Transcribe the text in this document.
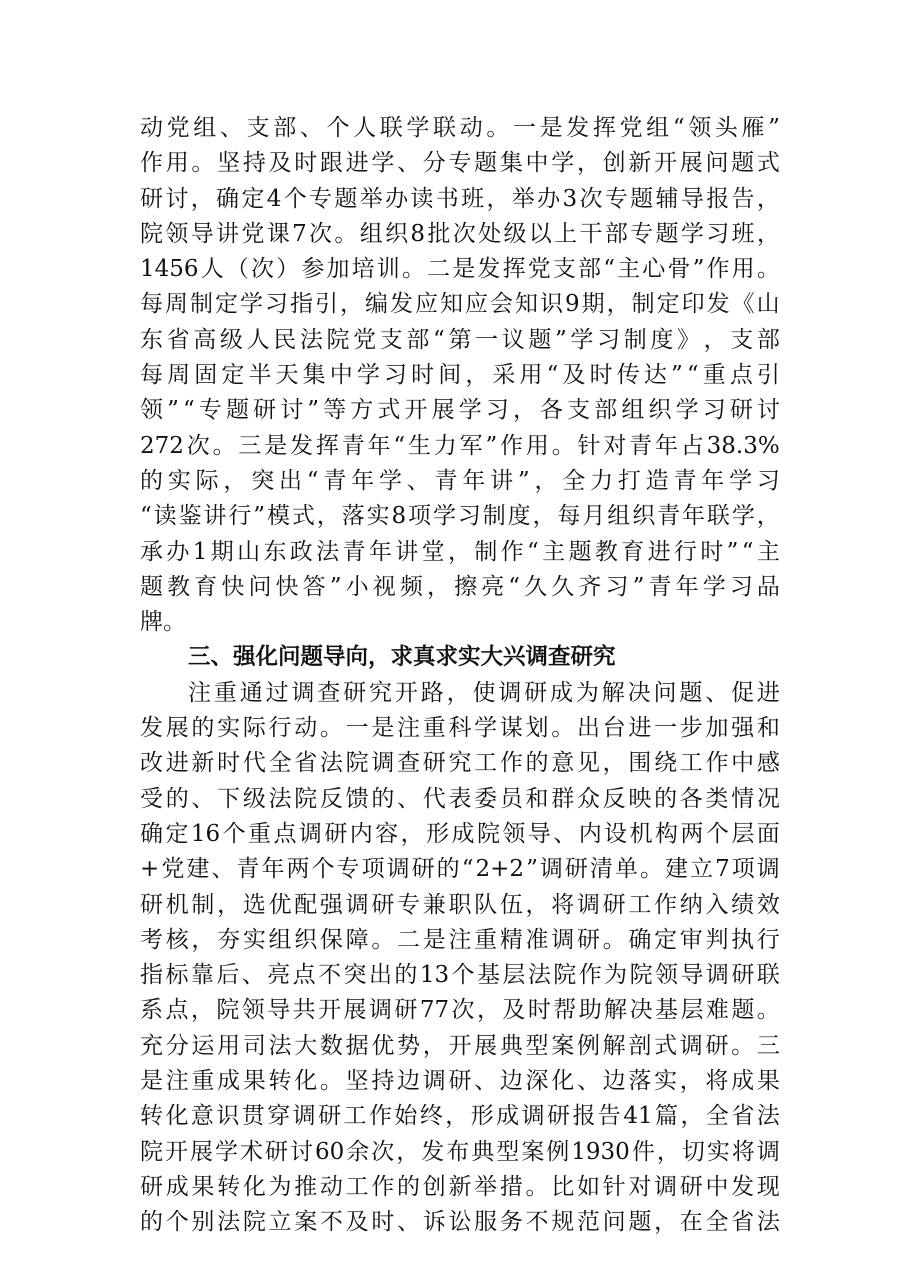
动 党 组 、 支 部 、 个 人 联 学 联 动 。 一 是 发 挥 党 组 “ 领 头 雁 ”
作 用 。 坚 持 及 时 跟 进 学 、 分 专 题 集 中 学 ， 创 新 开 展 问 题 式
研 讨 ， 确 定 4 个 专 题 举 办 读 书 班 ， 举 办 3 次 专 题 辅 导 报 告 ，
院 领 导 讲 党 课 7 次 。 组 织 8 批 次 处 级 以 上 干 部 专 题 学 习 班 ，
1456 人 （ 次 ） 参 加 培 训 。 二 是 发 挥 党 支 部 “ 主 心 骨 ” 作 用 。
每 周 制 定 学 习 指 引 ， 编 发 应 知 应 会 知 识 9 期 ， 制 定 印 发 《 山
东 省 高 级 人 民 法 院 党 支 部 “ 第 一 议 题 ” 学 习 制 度 》 ， 支 部
每 周 固 定 半 天 集 中 学 习 时 间 ， 采 用 “ 及 时 传 达 ” “ 重 点 引
领 ” “ 专 题 研 讨 ” 等 方 式 开 展 学 习 ， 各 支 部 组 织 学 习 研 讨
272 次 。 三 是 发 挥 青 年 “ 生 力 军 ” 作 用 。 针 对 青 年 占 38.3%
的 实 际 ， 突 出 “ 青 年 学 、 青 年 讲 ” ， 全 力 打 造 青 年 学 习
“ 读 鉴 讲 行 ” 模 式 ， 落 实 8 项 学 习 制 度 ， 每 月 组 织 青 年 联 学 ，
承 办 1 期 山 东 政 法 青 年 讲 堂 ， 制 作 “ 主 题 教 育 进 行 时 ” “ 主
题 教 育 快 问 快 答 ” 小 视 频 ， 擦 亮 “ 久 久 齐 习 ” 青 年 学 习 品
牌。
三、强化问题导向，求真求实大兴调查研究
注 重 通 过 调 查 研 究 开 路 ， 使 调 研 成 为 解 决 问 题 、 促 进
发 展 的 实 际 行 动 。 一 是 注 重 科 学 谋 划 。 出 台 进 一 步 加 强 和
改 进 新 时 代 全 省 法 院 调 查 研 究 工 作 的 意 见 ， 围 绕 工 作 中 感
受 的 、 下 级 法 院 反 馈 的 、 代 表 委 员 和 群 众 反 映 的 各 类 情 况
确 定 16 个 重 点 调 研 内 容 ， 形 成 院 领 导 、 内 设 机 构 两 个 层 面
+ 党 建 、 青 年 两 个 专 项 调 研 的 “ 2+2 ” 调 研 清 单 。 建 立 7 项 调
研 机 制 ， 选 优 配 强 调 研 专 兼 职 队 伍 ， 将 调 研 工 作 纳 入 绩 效
考 核 ， 夯 实 组 织 保 障 。 二 是 注 重 精 准 调 研 。 确 定 审 判 执 行
指 标 靠 后 、 亮 点 不 突 出 的 13 个 基 层 法 院 作 为 院 领 导 调 研 联
系 点 ， 院 领 导 共 开 展 调 研 77 次 ， 及 时 帮 助 解 决 基 层 难 题 。
充 分 运 用 司 法 大 数 据 优 势 ， 开 展 典 型 案 例 解 剖 式 调 研 。 三
是 注 重 成 果 转 化 。 坚 持 边 调 研 、 边 深 化 、 边 落 实 ， 将 成 果
转 化 意 识 贯 穿 调 研 工 作 始 终 ， 形 成 调 研 报 告 41 篇 ， 全 省 法
院 开 展 学 术 研 讨 60 余 次 ， 发 布 典 型 案 例 1930 件 ， 切 实 将 调
研 成 果 转 化 为 推 动 工 作 的 创 新 举 措 。 比 如 针 对 调 研 中 发 现
的 个 别 法 院 立 案 不 及 时 、 诉 讼 服 务 不 规 范 问 题 ， 在 全 省 法
